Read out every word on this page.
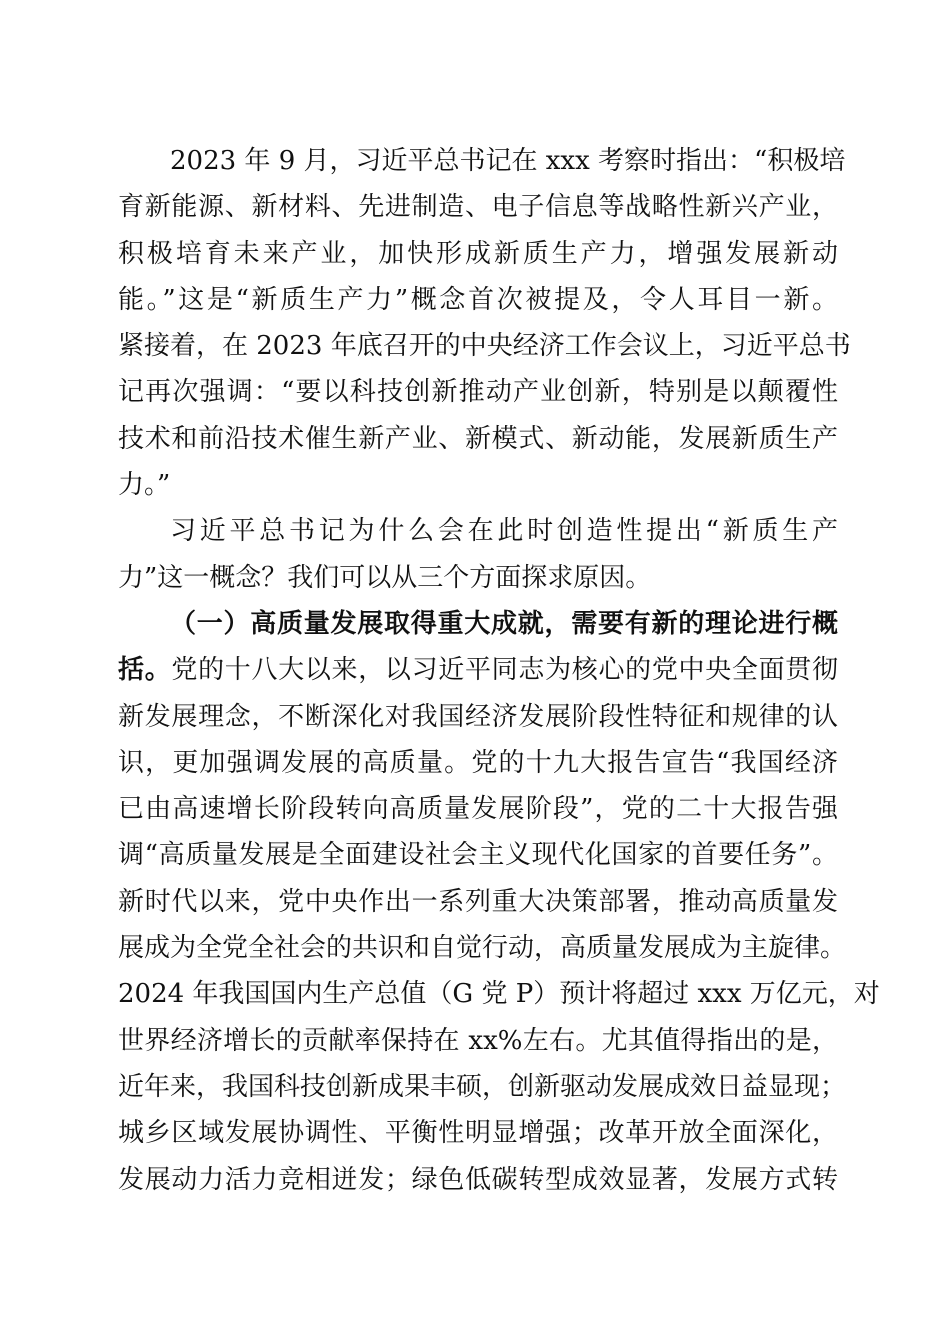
2023 年 9 月，习近平总书记在 xxx 考察时指出：“积极培
育新能源、新材料、先进制造、电子信息等战略性新兴产业，
积极培育未来产业，加快形成新质生产力，增强发展新动
能。”这是“新质生产力”概念首次被提及，令人耳目一新。
紧接着，在 2023 年底召开的中央经济工作会议上，习近平总书
记再次强调：“要以科技创新推动产业创新，特别是以颠覆性
技术和前沿技术催生新产业、新模式、新动能，发展新质生产
力。”
习近平总书记为什么会在此时创造性提出“新质生产
力”这一概念？我们可以从三个方面探求原因。
（一）高质量发展取得重大成就，需要有新的理论进行概
括。党的十八大以来，以习近平同志为核心的党中央全面贯彻
新发展理念，不断深化对我国经济发展阶段性特征和规律的认
识，更加强调发展的高质量。党的十九大报告宣告“我国经济
已由高速增长阶段转向高质量发展阶段”，党的二十大报告强
调“高质量发展是全面建设社会主义现代化国家的首要任务”。
新时代以来，党中央作出一系列重大决策部署，推动高质量发
展成为全党全社会的共识和自觉行动，高质量发展成为主旋律。
2024 年我国国内生产总值（G 党 P）预计将超过 xxx 万亿元，对
世界经济增长的贡献率保持在 xx%左右。尤其值得指出的是，
近年来，我国科技创新成果丰硕，创新驱动发展成效日益显现；
城乡区域发展协调性、平衡性明显增强；改革开放全面深化，
发展动力活力竞相迸发；绿色低碳转型成效显著，发展方式转
